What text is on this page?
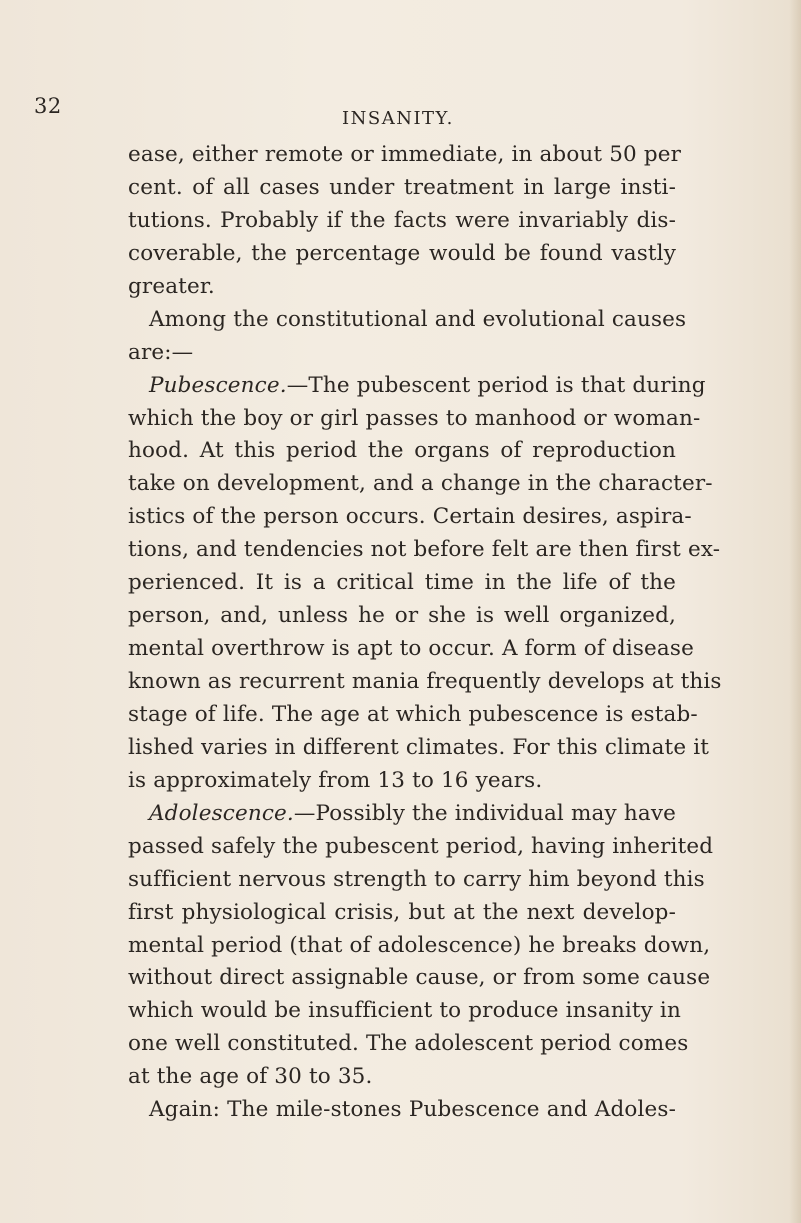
32
INSANITY.
ease, either remote or immediate, in about 50 per
cent. of all cases under treatment in large insti-
tutions. Probably if the facts were invariably dis-
coverable, the percentage would be found vastly
greater.
Among the constitutional and evolutional causes
are:—
Pubescence.—The pubescent period is that during
which the boy or girl passes to manhood or woman-
hood. At this period the organs of reproduction
take on development, and a change in the character-
istics of the person occurs. Certain desires, aspira-
tions, and tendencies not before felt are then first ex-
perienced. It is a critical time in the life of the
person, and, unless he or she is well organized,
mental overthrow is apt to occur. A form of disease
known as recurrent mania frequently develops at this
stage of life. The age at which pubescence is estab-
lished varies in different climates. For this climate it
is approximately from 13 to 16 years.
Adolescence.—Possibly the individual may have
passed safely the pubescent period, having inherited
sufficient nervous strength to carry him beyond this
first physiological crisis, but at the next develop-
mental period (that of adolescence) he breaks down,
without direct assignable cause, or from some cause
which would be insufficient to produce insanity in
one well constituted. The adolescent period comes
at the age of 30 to 35.
Again: The mile-stones Pubescence and Adoles-
